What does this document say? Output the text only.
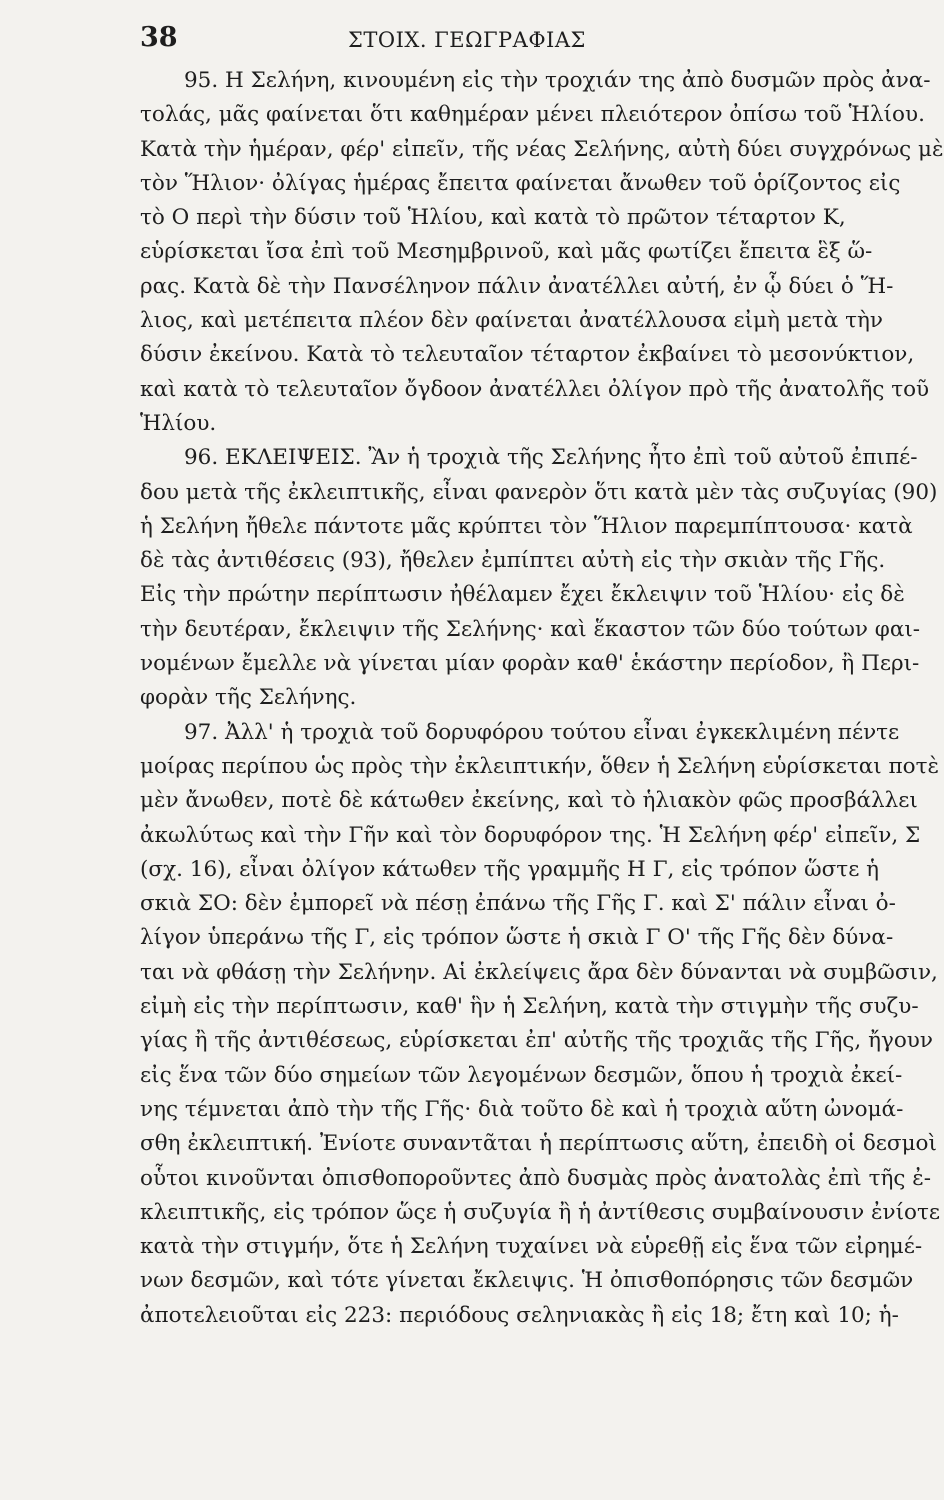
38	ΣΤΟΙΧ. ΓΕΩΓΡΑΦΙΑΣ
95. Η Σελήνη, κινουμένη εἰς τὴν τροχιάν της ἀπὸ δυσμῶν πρὸς ἀνα-
τολάς, μᾶς φαίνεται ὅτι καθημέραν μένει πλειότερον ὀπίσω τοῦ Ἡλίου.
Κατὰ τὴν ἡμέραν, φέρ' εἰπεῖν, τῆς νέας Σελήνης, αὐτὴ δύει συγχρόνως μὲ
τὸν Ἥλιον· ὀλίγας ἡμέρας ἔπειτα φαίνεται ἄνωθεν τοῦ ὁρίζοντος εἰς
τὸ Ο περὶ τὴν δύσιν τοῦ Ἡλίου, καὶ κατὰ τὸ πρῶτον τέταρτον Κ,
εὑρίσκεται ἴσα ἐπὶ τοῦ Μεσημβρινοῦ, καὶ μᾶς φωτίζει ἔπειτα ἓξ ὥ-
ρας. Κατὰ δὲ τὴν Πανσέληνον πάλιν ἀνατέλλει αὐτή, ἐν ᾧ δύει ὁ Ἥ-
λιος, καὶ μετέπειτα πλέον δὲν φαίνεται ἀνατέλλουσα εἰμὴ μετὰ τὴν
δύσιν ἐκείνου. Κατὰ τὸ τελευταῖον τέταρτον ἐκβαίνει τὸ μεσονύκτιον,
καὶ κατὰ τὸ τελευταῖον ὄγδοον ἀνατέλλει ὀλίγον πρὸ τῆς ἀνατολῆς τοῦ
Ἡλίου.
96. ΕΚΛΕΙΨΕΙΣ. Ἂν ἡ τροχιὰ τῆς Σελήνης ἦτο ἐπὶ τοῦ αὐτοῦ ἐπιπέ-
δου μετὰ τῆς ἐκλειπτικῆς, εἶναι φανερὸν ὅτι κατὰ μὲν τὰς συζυγίας (90)
ἡ Σελήνη ἤθελε πάντοτε μᾶς κρύπτει τὸν Ἥλιον παρεμπίπτουσα· κατὰ
δὲ τὰς ἀντιθέσεις (93), ἤθελεν ἐμπίπτει αὐτὴ εἰς τὴν σκιὰν τῆς Γῆς.
Εἰς τὴν πρώτην περίπτωσιν ἠθέλαμεν ἔχει ἔκλειψιν τοῦ Ἡλίου· εἰς δὲ
τὴν δευτέραν, ἔκλειψιν τῆς Σελήνης· καὶ ἕκαστον τῶν δύο τούτων φαι-
νομένων ἔμελλε νὰ γίνεται μίαν φορὰν καθ' ἑκάστην περίοδον, ἢ Περι-
φορὰν τῆς Σελήνης.
97. Ἀλλ' ἡ τροχιὰ τοῦ δορυφόρου τούτου εἶναι ἐγκεκλιμένη πέντε
μοίρας περίπου ὡς πρὸς τὴν ἐκλειπτικήν, ὅθεν ἡ Σελήνη εὑρίσκεται ποτὲ
μὲν ἄνωθεν, ποτὲ δὲ κάτωθεν ἐκείνης, καὶ τὸ ἡλιακὸν φῶς προσβάλλει
ἀκωλύτως καὶ τὴν Γῆν καὶ τὸν δορυφόρον της. Ἡ Σελήνη φέρ' εἰπεῖν, Σ
(σχ. 16), εἶναι ὀλίγον κάτωθεν τῆς γραμμῆς Η Γ, εἰς τρόπον ὥστε ἡ
σκιὰ ΣΟ: δὲν ἐμπορεῖ νὰ πέσῃ ἐπάνω τῆς Γῆς Γ. καὶ Σ' πάλιν εἶναι ὀ-
λίγον ὑπεράνω τῆς Γ, εἰς τρόπον ὥστε ἡ σκιὰ Γ Ο' τῆς Γῆς δὲν δύνα-
ται νὰ φθάσῃ τὴν Σελήνην. Αἱ ἐκλείψεις ἄρα δὲν δύνανται νὰ συμβῶσιν,
εἰμὴ εἰς τὴν περίπτωσιν, καθ' ἣν ἡ Σελήνη, κατὰ τὴν στιγμὴν τῆς συζυ-
γίας ἢ τῆς ἀντιθέσεως, εὑρίσκεται ἐπ' αὐτῆς τῆς τροχιᾶς τῆς Γῆς, ἤγουν
εἰς ἕνα τῶν δύο σημείων τῶν λεγομένων δεσμῶν, ὅπου ἡ τροχιὰ ἐκεί-
νης τέμνεται ἀπὸ τὴν τῆς Γῆς· διὰ τοῦτο δὲ καὶ ἡ τροχιὰ αὕτη ὠνομά-
σθη ἐκλειπτική. Ἐνίοτε συναντᾶται ἡ περίπτωσις αὕτη, ἐπειδὴ οἱ δεσμοὶ
οὗτοι κινοῦνται ὀπισθοπορoῦντες ἀπὸ δυσμὰς πρὸς ἀνατολὰς ἐπὶ τῆς ἐ-
κλειπτικῆς, εἰς τρόπον ὥςε ἡ συζυγία ἢ ἡ ἀντίθεσις συμβαίνουσιν ἐνίοτε
κατὰ τὴν στιγμήν, ὅτε ἡ Σελήνη τυχαίνει νὰ εὑρεθῇ εἰς ἕνα τῶν εἰρημέ-
νων δεσμῶν, καὶ τότε γίνεται ἔκλειψις. Ἡ ὀπισθοπόρησις τῶν δεσμῶν
ἀποτελειοῦται εἰς 223: περιόδους σεληνιακὰς ἢ εἰς 18; ἔτη καὶ 10; ἡ-
